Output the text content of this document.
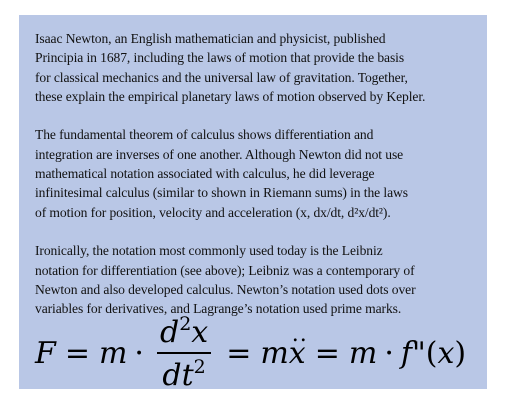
Isaac Newton, an English mathematician and physicist, published
Principia in 1687, including the laws of motion that provide the basis
for classical mechanics and the universal law of gravitation. Together,
these explain the empirical planetary laws of motion observed by Kepler.

The fundamental theorem of calculus shows differentiation and
integration are inverses of one another. Although Newton did not use
mathematical notation associated with calculus, he did leverage
infinitesimal calculus (similar to shown in Riemann sums) in the laws
of motion for position, velocity and acceleration (x, dx/dt, d²x/dt²).

Ironically, the notation most commonly used today is the Leibniz
notation for differentiation (see above); Leibniz was a contemporary of
Newton and also developed calculus. Newton’s notation used dots over
variables for derivatives, and Lagrange’s notation used prime marks.

$F = m \cdot \frac{d^2x}{dt^2} = m$
.. x = m · f " ( x )
